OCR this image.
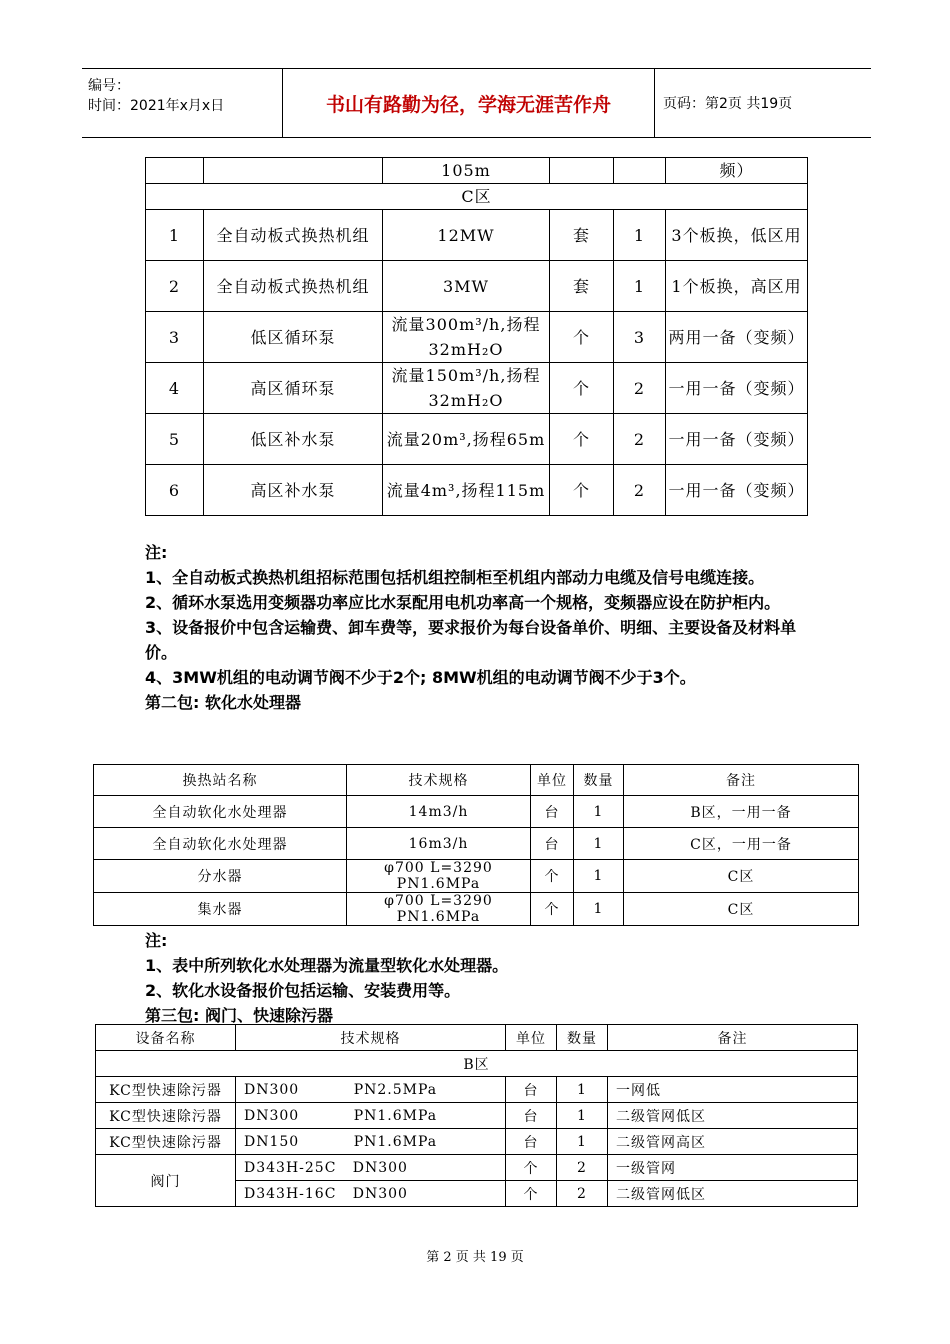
编号：
时间：2021年x月x日	书山有路勤为径，学海无涯苦作舟	页码：第2页 共19页
		105m			频）
C区					
1	全自动板式换热机组	12MW	套	1	3个板换，低区用
2	全自动板式换热机组	3MW	套	1	1个板换，高区用
3	低区循环泵	流量300m³/h,扬程32mH₂O	个	3	两用一备（变频）
4	高区循环泵	流量150m³/h,扬程32mH₂O	个	2	一用一备（变频）
5	低区补水泵	流量20m³,扬程65m	个	2	一用一备（变频）
6	高区补水泵	流量4m³,扬程115m	个	2	一用一备（变频）

注:

1、全自动板式换热机组招标范围包括机组控制柜至机组内部动力电缆及信号电缆连接。

2、循环水泵选用变频器功率应比水泵配用电机功率高一个规格，变频器应设在防护柜内。

3、设备报价中包含运输费、卸车费等，要求报价为每台设备单价、明细、主要设备及材料单价。

4、3MW机组的电动调节阀不少于2个; 8MW机组的电动调节阀不少于3个。

第二包: 软化水处理器

换热站名称	技术规格	单位	数量	备注
全自动软化水处理器	14m3/h	台	1	B区，一用一备
全自动软化水处理器	16m3/h	台	1	C区，一用一备
分水器	φ700 L=3290 PN1.6MPa	个	1	C区
集水器	φ700 L=3290 PN1.6MPa	个	1	C区

注:

1、表中所列软化水处理器为流量型软化水处理器。

2、软化水设备报价包括运输、安装费用等。

第三包: 阀门、快速除污器

设备名称	技术规格	单位	数量	备注
B区				
KC型快速除污器	DN300          PN2.5MPa	台	1	一网低
KC型快速除污器	DN300          PN1.6MPa	台	1	二级管网低区
KC型快速除污器	DN150          PN1.6MPa	台	1	二级管网高区
阀门	D343H-25C   DN300	个	2	一级管网
	D343H-16C   DN300	个	2	二级管网低区
第 2 页 共 19 页
